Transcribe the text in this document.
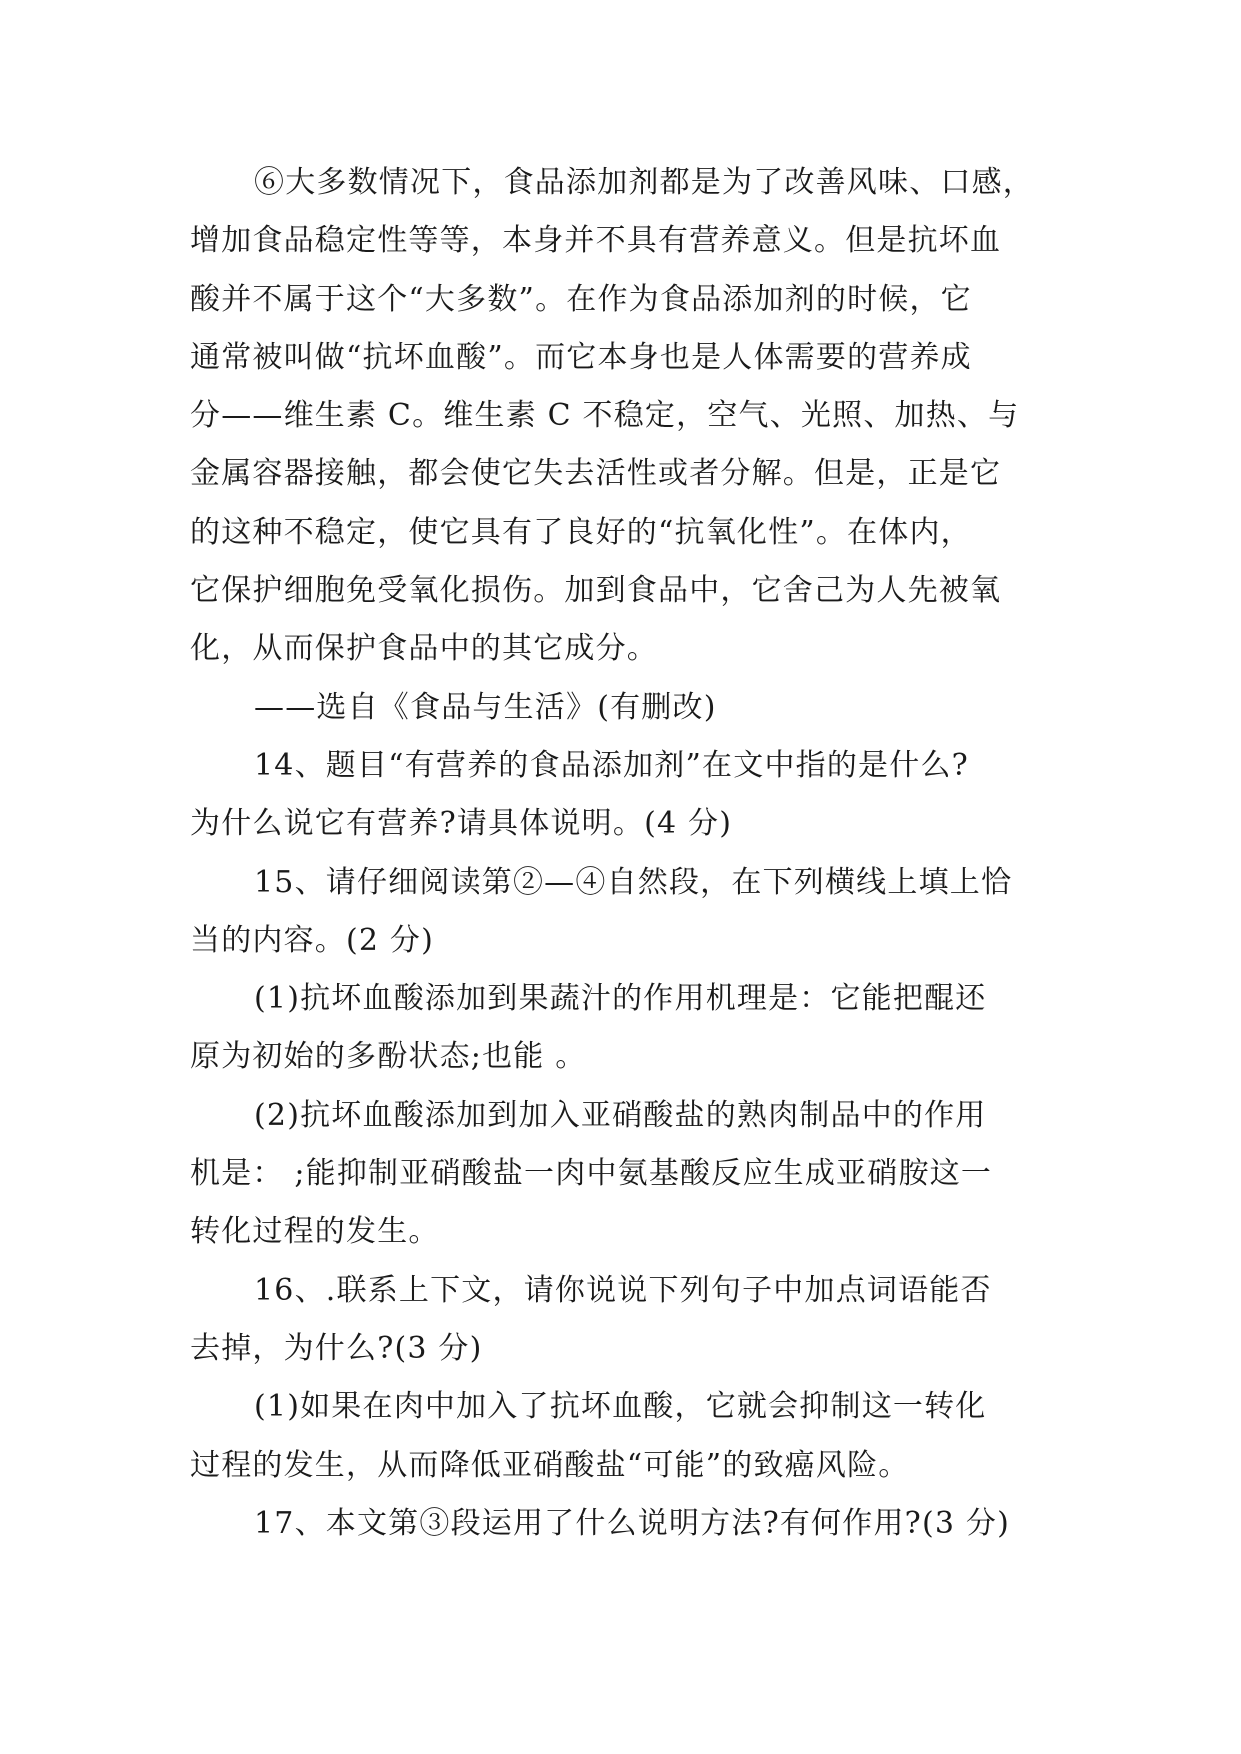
⑥大多数情况下，食品添加剂都是为了改善风味、口感，
增加食品稳定性等等，本身并不具有营养意义。但是抗坏血
酸并不属于这个“大多数”。在作为食品添加剂的时候，它
通常被叫做“抗坏血酸”。而它本身也是人体需要的营养成
分——维生素 C。维生素 C 不稳定，空气、光照、加热、与
金属容器接触，都会使它失去活性或者分解。但是，正是它
的这种不稳定，使它具有了良好的“抗氧化性”。在体内，
它保护细胞免受氧化损伤。加到食品中，它舍己为人先被氧
化，从而保护食品中的其它成分。
——选自《食品与生活》(有删改)
14、题目“有营养的食品添加剂”在文中指的是什么?
为什么说它有营养?请具体说明。(4 分)
15、请仔细阅读第②—④自然段，在下列横线上填上恰
当的内容。(2 分)
(1)抗坏血酸添加到果蔬汁的作用机理是：它能把醌还
原为初始的多酚状态;也能 。
(2)抗坏血酸添加到加入亚硝酸盐的熟肉制品中的作用
机是： ;能抑制亚硝酸盐一肉中氨基酸反应生成亚硝胺这一
转化过程的发生。
16、.联系上下文，请你说说下列句子中加点词语能否
去掉，为什么?(3 分)
(1)如果在肉中加入了抗坏血酸，它就会抑制这一转化
过程的发生，从而降低亚硝酸盐“可能”的致癌风险。
17、本文第③段运用了什么说明方法?有何作用?(3 分)
